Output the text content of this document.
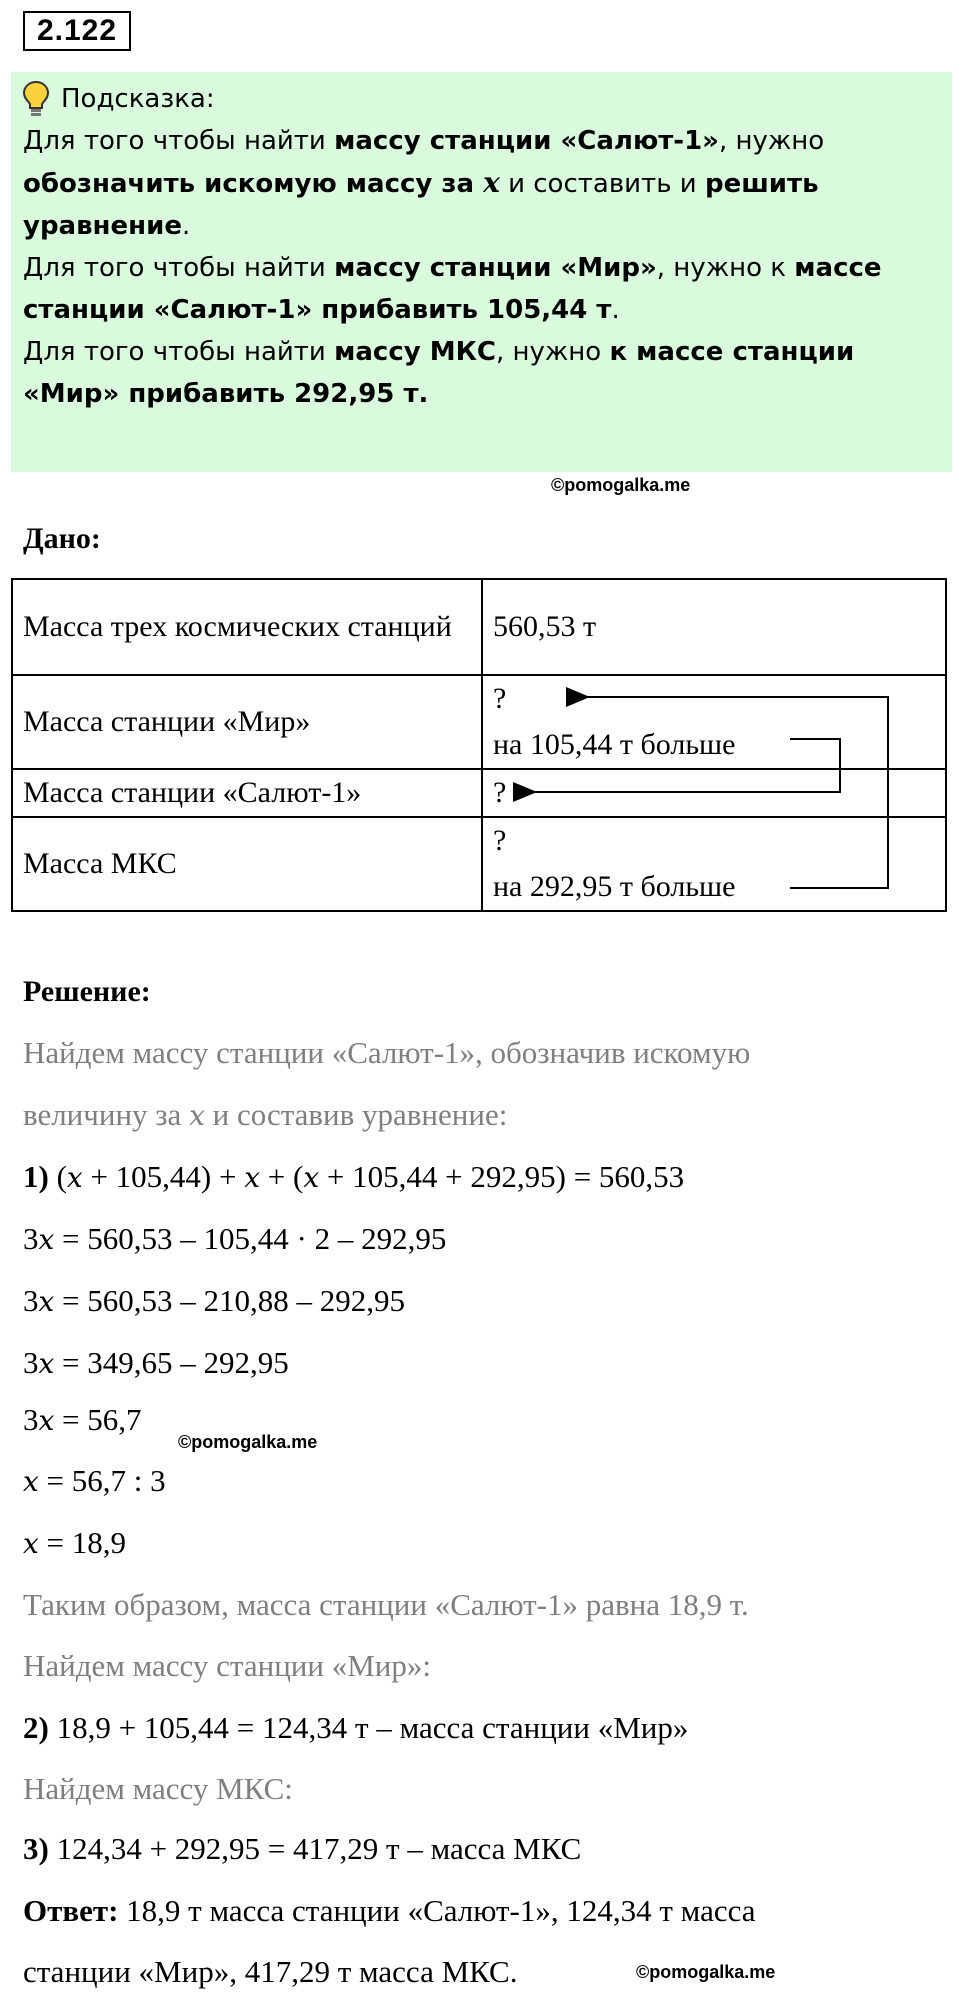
2.122
Подсказка:

Для того чтобы найти массу станции «Салют-1», нужно
обозначить искомую массу за x и составить и решить уравнение.

Для того чтобы найти массу станции «Мир», нужно к массе станции «Салют-1» прибавить 105,44 т.

Для того чтобы найти массу МКС, нужно к массе станции «Мир» прибавить 292,95 т.

©pomogalka.me
Дано:
Масса трех космических станций	560,53 т
Масса станции «Мир»	?
на 105,44 т больше
Масса станции «Салют-1»	?
Масса МКС	?
на 292,95 т больше
Решение:
Найдем массу станции «Салют-1», обозначив искомую
величину за x и составив уравнение:
1) (x + 105,44) + x + (x + 105,44 + 292,95) = 560,53
3x = 560,53 – 105,44 · 2 – 292,95
3x = 560,53 – 210,88 – 292,95
3x = 349,65 – 292,95
3x = 56,7
©pomogalka.me
x = 56,7 : 3
x = 18,9
Таким образом, масса станции «Салют-1» равна 18,9 т.
Найдем массу станции «Мир»:
2) 18,9 + 105,44 = 124,34 т – масса станции «Мир»
Найдем массу МКС:
3) 124,34 + 292,95 = 417,29 т – масса МКС
Ответ: 18,9 т масса станции «Салют-1», 124,34 т масса
станции «Мир», 417,29 т масса МКС.	©pomogalka.me
